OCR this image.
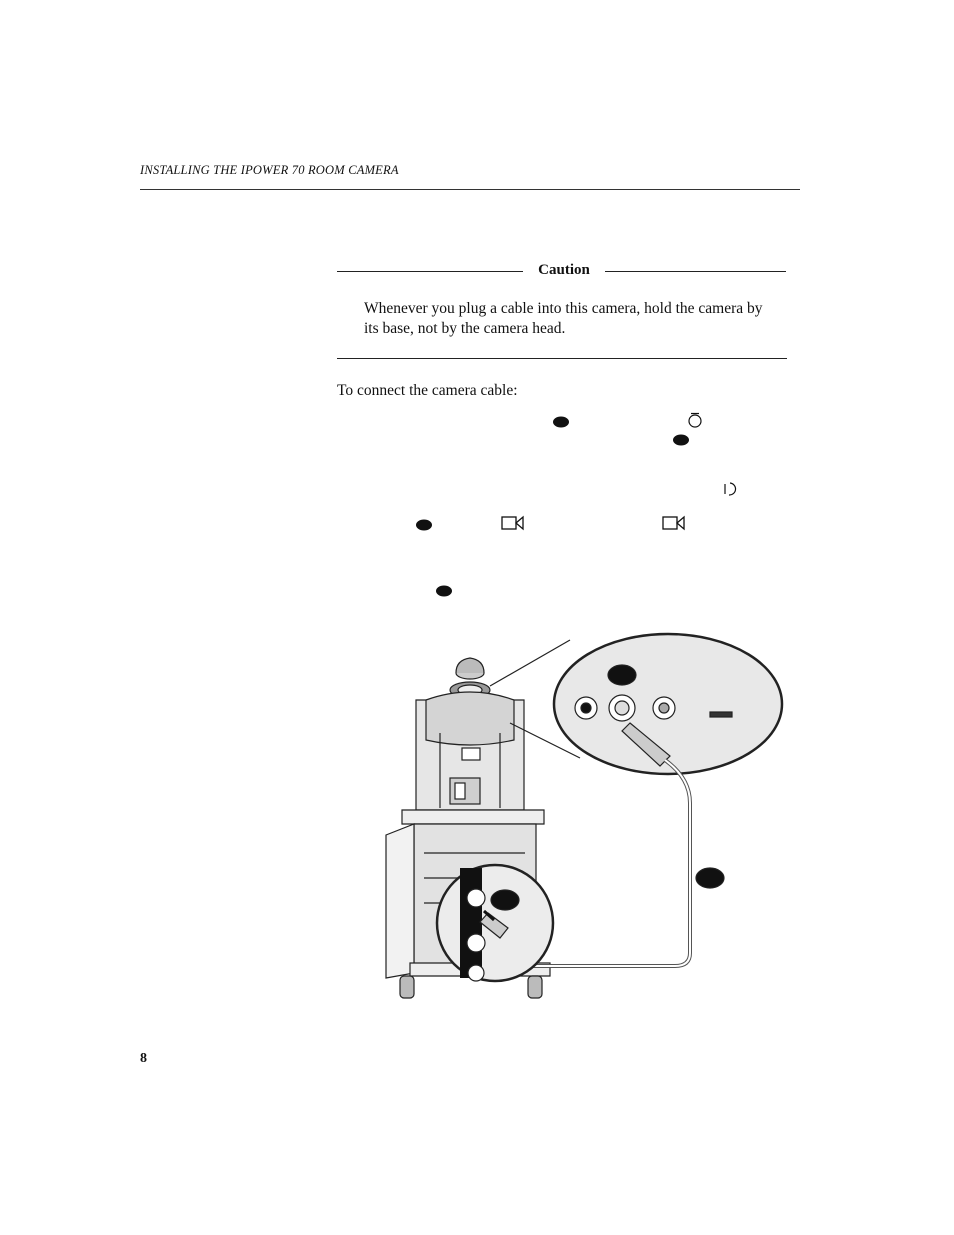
INSTALLING THE IPOWER 70 ROOM CAMERA
Caution
Whenever you plug a cable into this camera, hold the camera by its base, not by the camera head.
To connect the camera cable:
8
